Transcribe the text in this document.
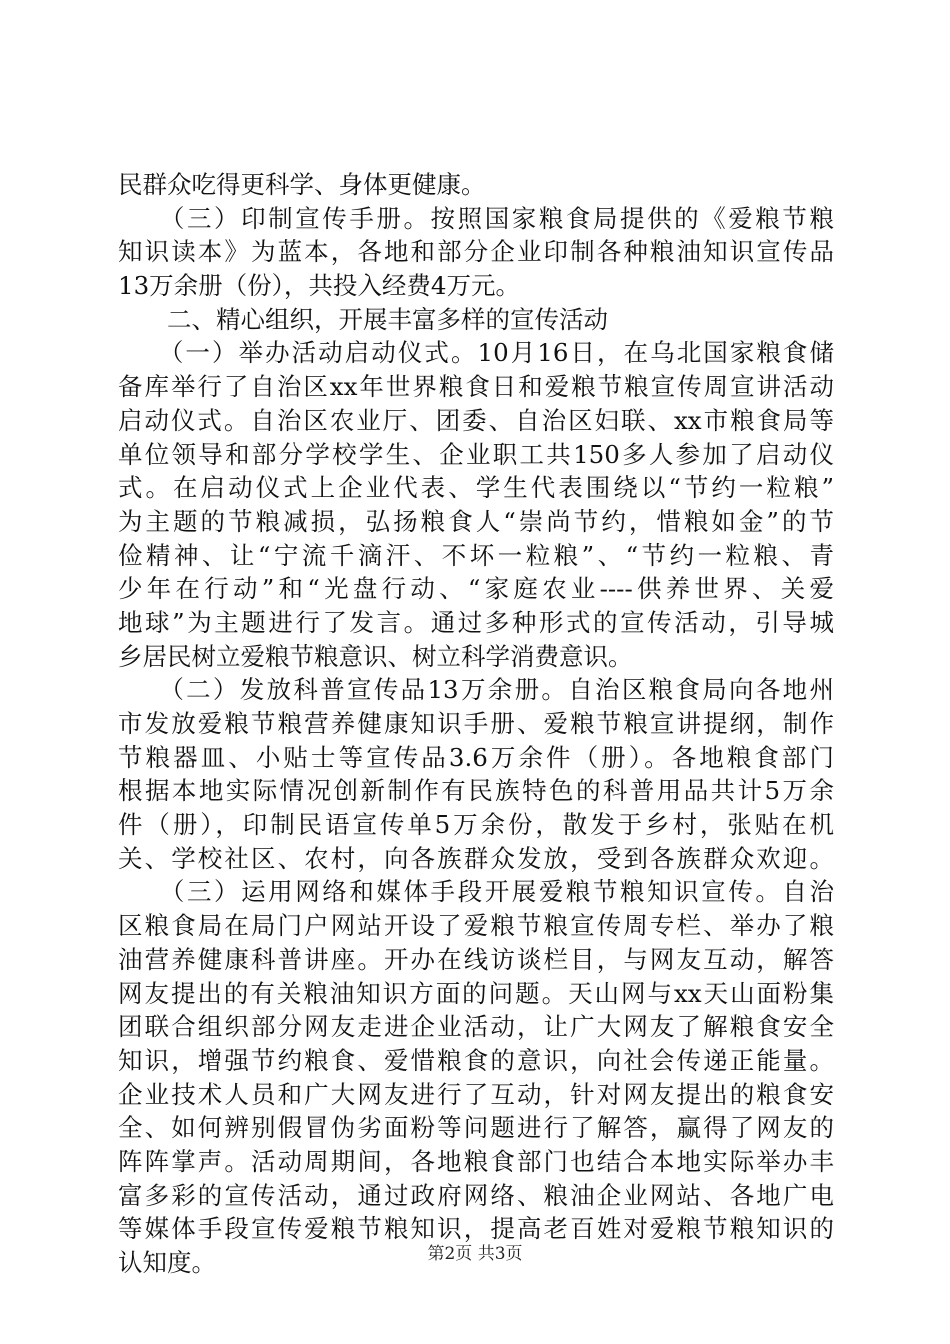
民群众吃得更科学、身体更健康。
　　（三）印制宣传手册。按照国家粮食局提供的《爱粮节粮
知识读本》为蓝本，各地和部分企业印制各种粮油知识宣传品
13万余册（份），共投入经费4万元。
　　二、精心组织，开展丰富多样的宣传活动
　　（一）举办活动启动仪式。10月16日，在乌北国家粮食储
备库举行了自治区xx年世界粮食日和爱粮节粮宣传周宣讲活动
启动仪式。自治区农业厅、团委、自治区妇联、xx市粮食局等
单位领导和部分学校学生、企业职工共150多人参加了启动仪
式。在启动仪式上企业代表、学生代表围绕以“节约一粒粮”
为主题的节粮减损，弘扬粮食人“崇尚节约，惜粮如金”的节
俭精神、让“宁流千滴汗、不坏一粒粮”、“节约一粒粮、青
少年在行动”和“光盘行动、“家庭农业----供养世界、关爱
地球”为主题进行了发言。通过多种形式的宣传活动，引导城
乡居民树立爱粮节粮意识、树立科学消费意识。
　　（二）发放科普宣传品13万余册。自治区粮食局向各地州
市发放爱粮节粮营养健康知识手册、爱粮节粮宣讲提纲，制作
节粮器皿、小贴士等宣传品3.6万余件（册）。各地粮食部门
根据本地实际情况创新制作有民族特色的科普用品共计5万余
件（册），印制民语宣传单5万余份，散发于乡村，张贴在机
关、学校社区、农村，向各族群众发放，受到各族群众欢迎。
　　（三）运用网络和媒体手段开展爱粮节粮知识宣传。自治
区粮食局在局门户网站开设了爱粮节粮宣传周专栏、举办了粮
油营养健康科普讲座。开办在线访谈栏目，与网友互动，解答
网友提出的有关粮油知识方面的问题。天山网与xx天山面粉集
团联合组织部分网友走进企业活动，让广大网友了解粮食安全
知识，增强节约粮食、爱惜粮食的意识，向社会传递正能量。
企业技术人员和广大网友进行了互动，针对网友提出的粮食安
全、如何辨别假冒伪劣面粉等问题进行了解答，赢得了网友的
阵阵掌声。活动周期间，各地粮食部门也结合本地实际举办丰
富多彩的宣传活动，通过政府网络、粮油企业网站、各地广电
等媒体手段宣传爱粮节粮知识，提高老百姓对爱粮节粮知识的
认知度。	第2页 共3页
